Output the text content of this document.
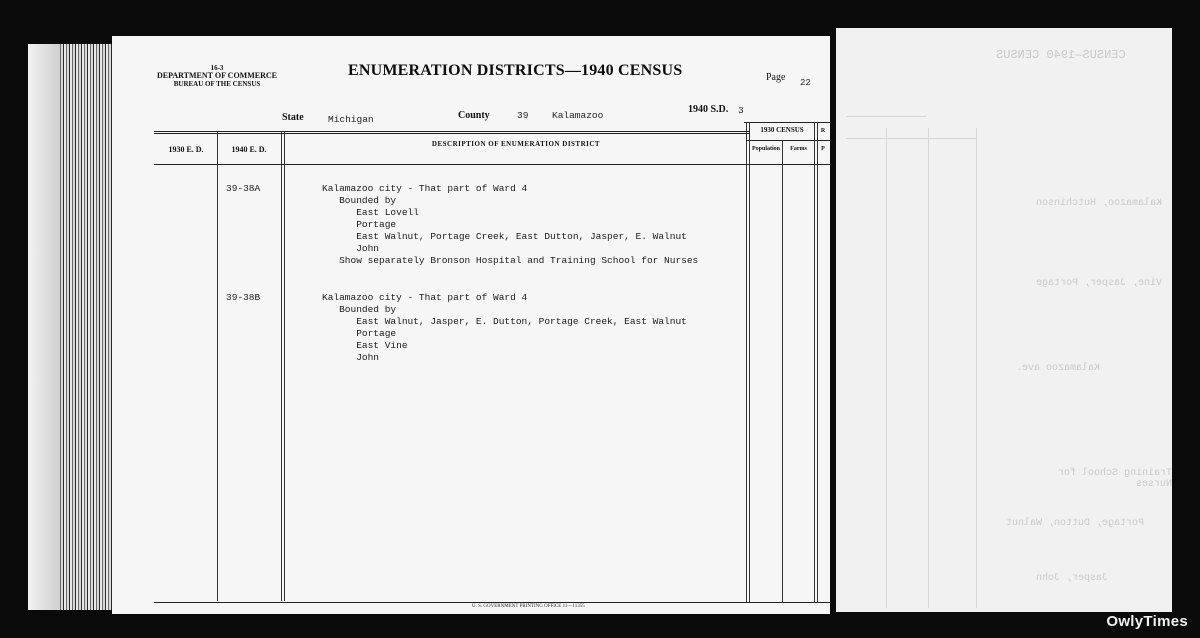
CENSUS—1940 CENSUS
Kalamazoo, Hutchinson
Vine, Jasper, Portage
Kalamazoo ave.
Training School for Nurses
Portage, Dutton, Walnut
Jasper, John
16-3
DEPARTMENT OF COMMERCE
BUREAU OF THE CENSUS
ENUMERATION DISTRICTS—1940 CENSUS	Page 22
State	Michigan	County	39 Kalamazoo
1940 S.D. 3
1930 E. D.	1940 E. D.
DESCRIPTION OF ENUMERATION DISTRICT
1930 CENSUS
Population	Farms
R
P
39-38A	Kalamazoo city - That part of Ward 4
Bounded by
East Lovell
Portage
East Walnut, Portage Creek, East Dutton, Jasper, E. Walnut
John
Show separately Bronson Hospital and Training School for Nurses
39-38B	Kalamazoo city - That part of Ward 4
Bounded by
East Walnut, Jasper, E. Dutton, Portage Creek, East Walnut
Portage
East Vine
John
U. S. GOVERNMENT PRINTING OFFICE 11—11355
OwlyTimes
